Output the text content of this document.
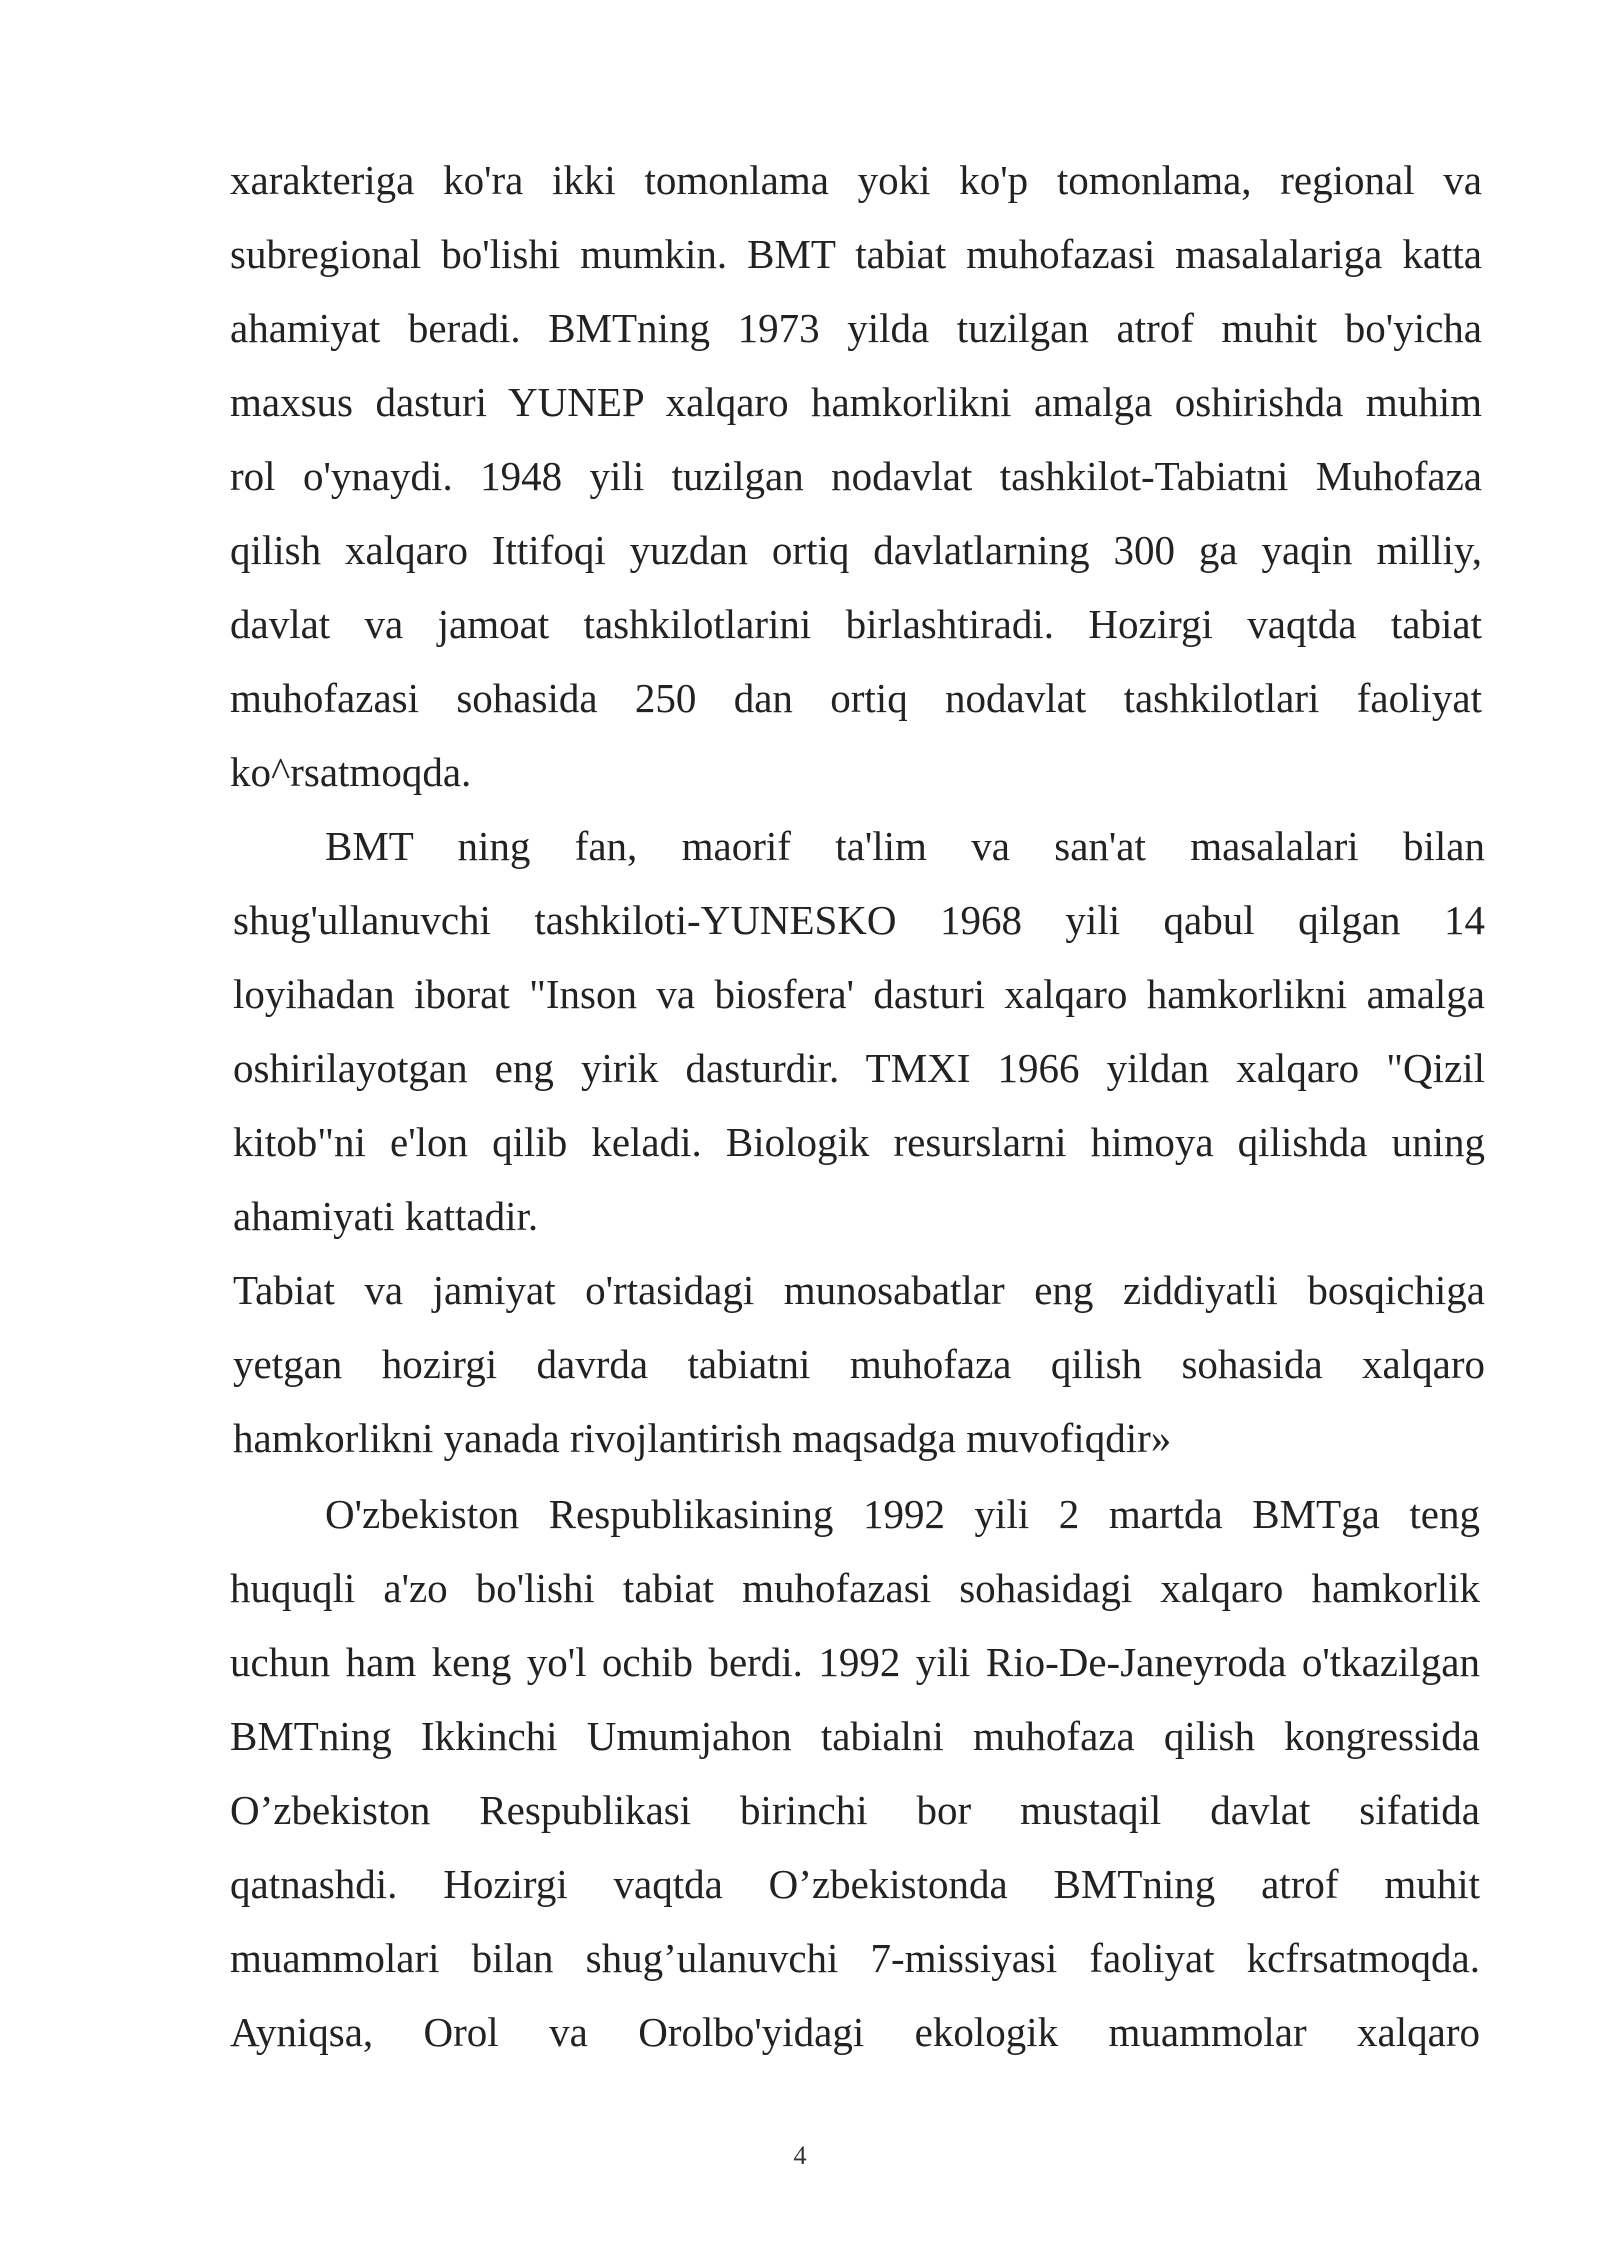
xarakteriga ko'ra ikki tomonlama yoki ko'p tomonlama, regional va
subregional bo'lishi mumkin. BMT tabiat muhofazasi masalalariga katta
ahamiyat beradi. BMTning 1973 yilda tuzilgan atrof muhit bo'yicha
maxsus dasturi YUNEP xalqaro hamkorlikni amalga oshirishda muhim
rol o'ynaydi. 1948 yili tuzilgan nodavlat tashkilot-Tabiatni Muhofaza
qilish xalqaro Ittifoqi yuzdan ortiq davlatlarning 300 ga yaqin milliy,
davlat va jamoat tashkilotlarini birlashtiradi. Hozirgi vaqtda tabiat
muhofazasi sohasida 250 dan ortiq nodavlat tashkilotlari faoliyat
ko^rsatmoqda.
BMT ning fan, maorif ta'lim va san'at masalalari bilan
shug'ullanuvchi tashkiloti-YUNESKO 1968 yili qabul qilgan 14
loyihadan iborat "Inson va biosfera' dasturi xalqaro hamkorlikni amalga
oshirilayotgan eng yirik dasturdir. TMXI 1966 yildan xalqaro "Qizil
kitob"ni e'lon qilib keladi. Biologik resurslarni himoya qilishda uning
ahamiyati kattadir.
Tabiat va jamiyat o'rtasidagi munosabatlar eng ziddiyatli bosqichiga
yetgan hozirgi davrda tabiatni muhofaza qilish sohasida xalqaro
hamkorlikni yanada rivojlantirish maqsadga muvofiqdir»
O'zbekiston Respublikasining 1992 yili 2 martda BMTga teng
huquqli a'zo bo'lishi tabiat muhofazasi sohasidagi xalqaro hamkorlik
uchun ham keng yo'l ochib berdi. 1992 yili Rio-De-Janeyroda o'tkazilgan
BMTning Ikkinchi Umumjahon tabialni muhofaza qilish kongressida
O’zbekiston Respublikasi birinchi bor mustaqil davlat sifatida
qatnashdi. Hozirgi vaqtda O’zbekistonda BMTning atrof muhit
muammolari bilan shug’ulanuvchi 7-missiyasi faoliyat kcfrsatmoqda.
Ayniqsa, Orol va Orolbo'yidagi ekologik muammolar xalqaro
4
